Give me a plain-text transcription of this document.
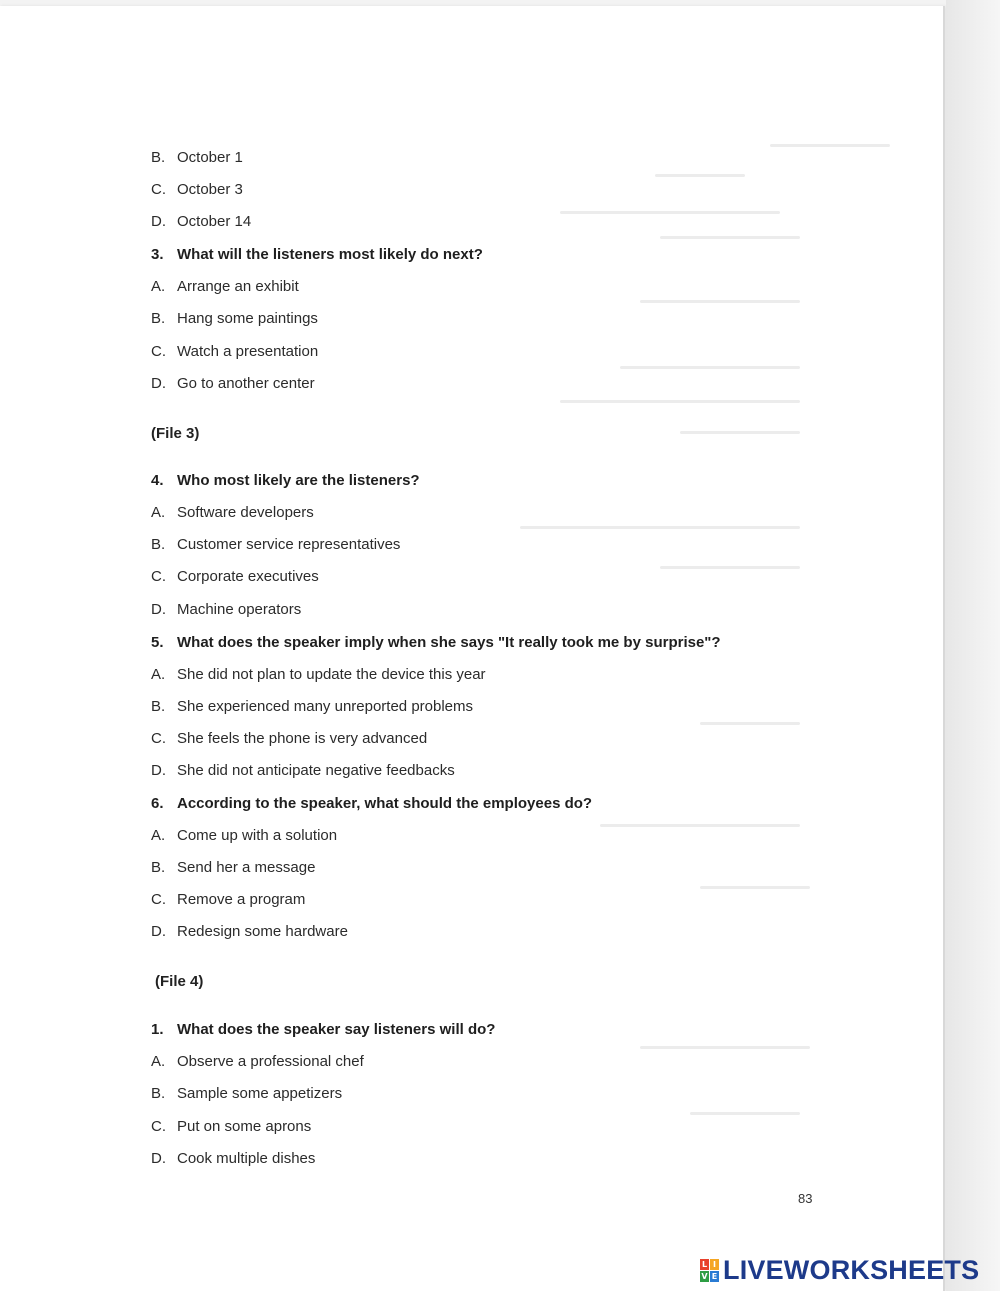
B. October 1
C. October 3
D. October 14
3. What will the listeners most likely do next?
A. Arrange an exhibit
B. Hang some paintings
C. Watch a presentation
D. Go to another center
(File 3)
4. Who most likely are the listeners?
A. Software developers
B. Customer service representatives
C. Corporate executives
D. Machine operators
5. What does the speaker imply when she says "It really took me by surprise"?
A. She did not plan to update the device this year
B. She experienced many unreported problems
C. She feels the phone is very advanced
D. She did not anticipate negative feedbacks
6. According to the speaker, what should the employees do?
A. Come up with a solution
B. Send her a message
C. Remove a program
D. Redesign some hardware
(File 4)
1. What does the speaker say listeners will do?
A. Observe a professional chef
B. Sample some appetizers
C. Put on some aprons
D. Cook multiple dishes
83
L I
V E LIVEWORKSHEETS
